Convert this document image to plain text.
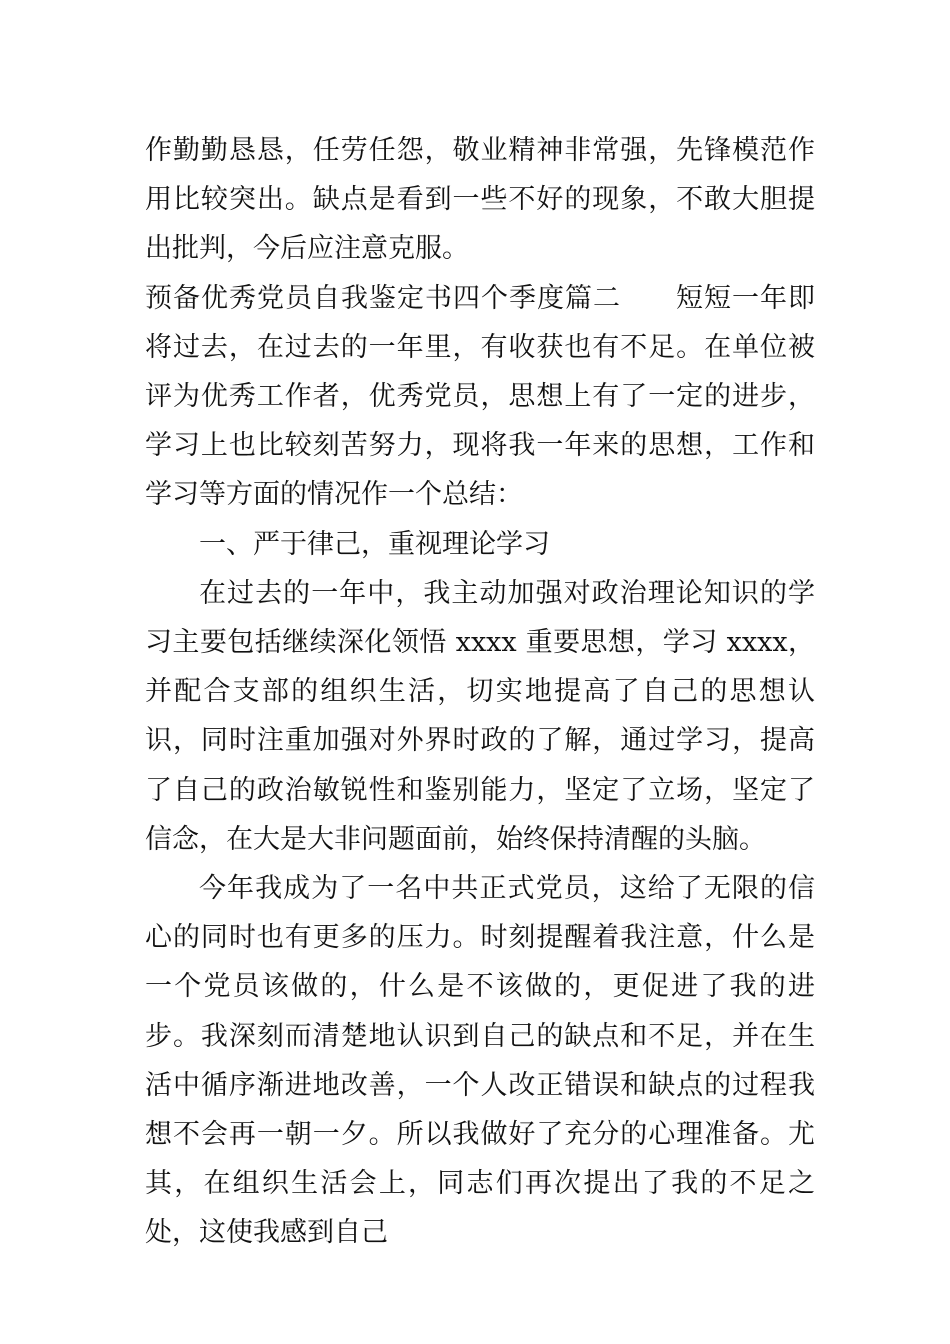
作勤勤恳恳，任劳任怨，敬业精神非常强，先锋模范作用比较突出。缺点是看到一些不好的现象，不敢大胆提出批判，今后应注意克服。

预备优秀党员自我鉴定书四个季度篇二 短短一年即将过去，在过去的一年里，有收获也有不足。在单位被评为优秀工作者，优秀党员，思想上有了一定的进步，学习上也比较刻苦努力，现将我一年来的思想，工作和学习等方面的情况作一个总结：

一、严于律己，重视理论学习

在过去的一年中，我主动加强对政治理论知识的学习主要包括继续深化领悟 xxxx 重要思想，学习 xxxx，并配合支部的组织生活，切实地提高了自己的思想认识，同时注重加强对外界时政的了解，通过学习，提高了自己的政治敏锐性和鉴别能力，坚定了立场，坚定了信念，在大是大非问题面前，始终保持清醒的头脑。

今年我成为了一名中共正式党员，这给了无限的信心的同时也有更多的压力。时刻提醒着我注意，什么是一个党员该做的，什么是不该做的，更促进了我的进步。我深刻而清楚地认识到自己的缺点和不足，并在生活中循序渐进地改善，一个人改正错误和缺点的过程我想不会再一朝一夕。所以我做好了充分的心理准备。尤其，在组织生活会上，同志们再次提出了我的不足之处，这使我感到自己
